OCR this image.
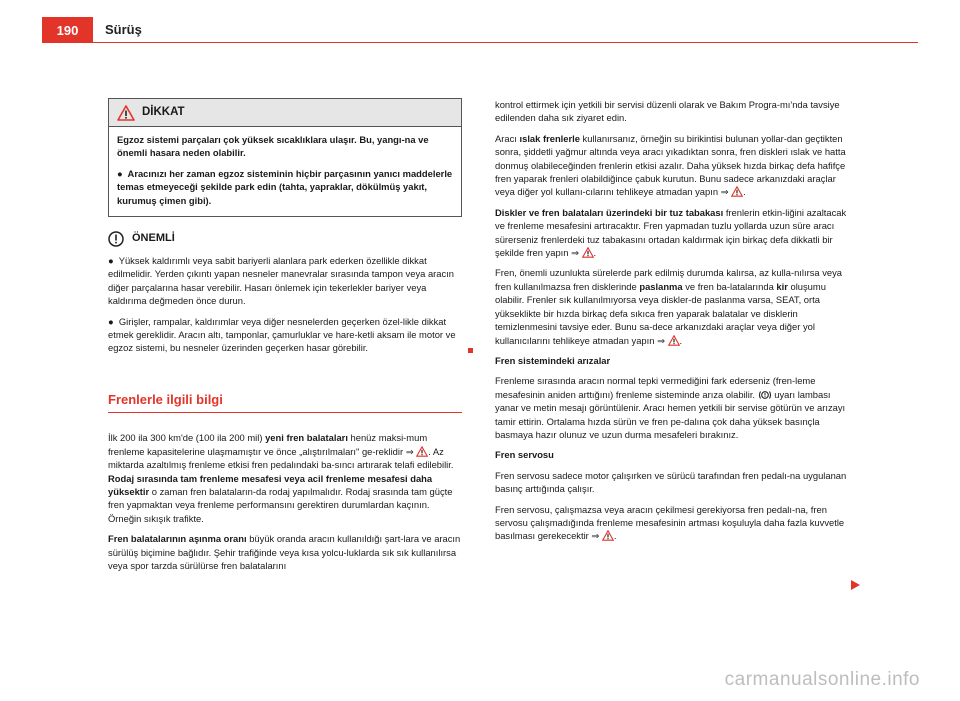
190	Sürüş
DİKKAT

Egzoz sistemi parçaları çok yüksek sıcaklıklara ulaşır. Bu, yangı-na ve önemli hasara neden olabilir.

● Aracınızı her zaman egzoz sisteminin hiçbir parçasının yanıcı maddelerle temas etmeyeceği şekilde park edin (tahta, yapraklar, dökülmüş yakıt, kurumuş çimen gibi).

ÖNEMLİ

● Yüksek kaldırımlı veya sabit bariyerli alanlara park ederken özellikle dikkat edilmelidir. Yerden çıkıntı yapan nesneler manevralar sırasında tampon veya aracın diğer parçalarına hasar verebilir. Hasarı önlemek için tekerlekler bariyer veya kaldırıma değmeden önce durun.

● Girişler, rampalar, kaldırımlar veya diğer nesnelerden geçerken özel-likle dikkat etmek gereklidir. Aracın altı, tamponlar, çamurluklar ve hare-ketli aksam ile motor ve egzoz sistemi, bu nesneler üzerinden geçerken hasar görebilir.

Frenlerle ilgili bilgi

İlk 200 ila 300 km'de (100 ila 200 mil) yeni fren balataları henüz maksi-mum frenleme kapasitelerine ulaşmamıştır ve önce „alıştırılmaları" ge-reklidir ⇒ . Az miktarda azaltılmış frenleme etkisi fren pedalındaki ba-sıncı artırarak telafi edilebilir. Rodaj sırasında tam frenleme mesafesi veya acil frenleme mesafesi daha yüksektir o zaman fren balataların-da rodaj yapılmalıdır. Rodaj srasında tam güçte fren yapmaktan veya frenleme performansını gerektiren durumlardan kaçının. Örneğin sıkışık trafikte.

Fren balatalarının aşınma oranı büyük oranda aracın kullanıldığı şart-lara ve aracın sürülüş biçimine bağlıdır. Şehir trafiğinde veya kısa yolcu-luklarda sık sık kullanılırsa veya spor tarzda sürülürse fren balatalarını

kontrol ettirmek için yetkili bir servisi düzenli olarak ve Bakım Progra-mı'nda tavsiye edilenden daha sık ziyaret edin.

Aracı ıslak frenlerle kullanırsanız, örneğin su birikintisi bulunan yollar-dan geçtikten sonra, şiddetli yağmur altında veya aracı yıkadıktan sonra, fren diskleri ıslak ve hatta donmuş olabileceğinden frenlerin etkisi azalır. Daha yüksek hızda birkaç defa hafifçe fren yaparak frenleri olabildiğince çabuk kurutun. Bunu sadece arkanızdaki araçlar veya diğer yol kullanı-cılarını tehlikeye atmadan yapın ⇒ .

Diskler ve fren balataları üzerindeki bir tuz tabakası frenlerin etkin-liğini azaltacak ve frenleme mesafesini artıracaktır. Fren yapmadan tuzlu yollarda uzun süre aracı sürerseniz frenlerdeki tuz tabakasını ortadan kaldırmak için birkaç defa dikkatli bir şekilde fren yapın ⇒ .

Fren, önemli uzunlukta sürelerde park edilmiş durumda kalırsa, az kulla-nılırsa veya fren kullanılmazsa fren disklerinde paslanma ve fren ba-latalarında kir oluşumu olabilir. Frenler sık kullanılmıyorsa veya diskler-de paslanma varsa, SEAT, orta yükseklikte bir hızda birkaç defa sıkıca fren yaparak balatalar ve disklerin temizlenmesini tavsiye eder. Bunu sa-dece arkanızdaki araçlar veya diğer yol kullanıcılarını tehlikeye atmadan yapın ⇒ .

Fren sistemindeki arızalar

Frenleme sırasında aracın normal tepki vermediğini fark ederseniz (fren-leme mesafesinin aniden arttığını) frenleme sisteminde arıza olabilir.  uyarı lambası yanar ve metin mesajı görüntülenir. Aracı hemen yetkili bir servise götürün ve arızayı tamir ettirin. Ortalama hızda sürün ve fren pe-dalına çok daha yüksek basınçla basmaya hazır olunuz ve uzun durma mesafeleri bırakınız.

Fren servosu

Fren servosu sadece motor çalışırken ve sürücü tarafından fren pedalı-na uygulanan basınç arttığında çalışır.

Fren servosu, çalışmazsa veya aracın çekilmesi gerekiyorsa fren pedalı-na, fren servosu çalışmadığında frenleme mesafesinin artması koşuluyla daha fazla kuvvetle basılması gerekecektir ⇒ .

carmanualsonline.info
